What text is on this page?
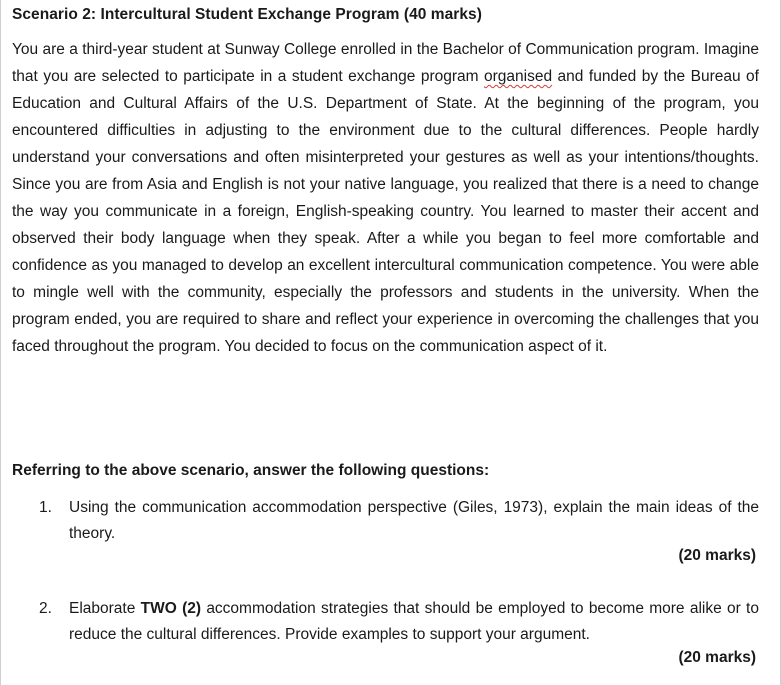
Scenario 2: Intercultural Student Exchange Program (40 marks)
You are a third-year student at Sunway College enrolled in the Bachelor of Communication program. Imagine that you are selected to participate in a student exchange program organised and funded by the Bureau of Education and Cultural Affairs of the U.S. Department of State. At the beginning of the program, you encountered difficulties in adjusting to the environment due to the cultural differences. People hardly understand your conversations and often misinterpreted your gestures as well as your intentions/thoughts. Since you are from Asia and English is not your native language, you realized that there is a need to change the way you communicate in a foreign, English-speaking country. You learned to master their accent and observed their body language when they speak. After a while you began to feel more comfortable and confidence as you managed to develop an excellent intercultural communication competence. You were able to mingle well with the community, especially the professors and students in the university. When the program ended, you are required to share and reflect your experience in overcoming the challenges that you faced throughout the program. You decided to focus on the communication aspect of it.
Referring to the above scenario, answer the following questions:
1. Using the communication accommodation perspective (Giles, 1973), explain the main ideas of the theory.
(20 marks)
2. Elaborate TWO (2) accommodation strategies that should be employed to become more alike or to reduce the cultural differences. Provide examples to support your argument.
(20 marks)
